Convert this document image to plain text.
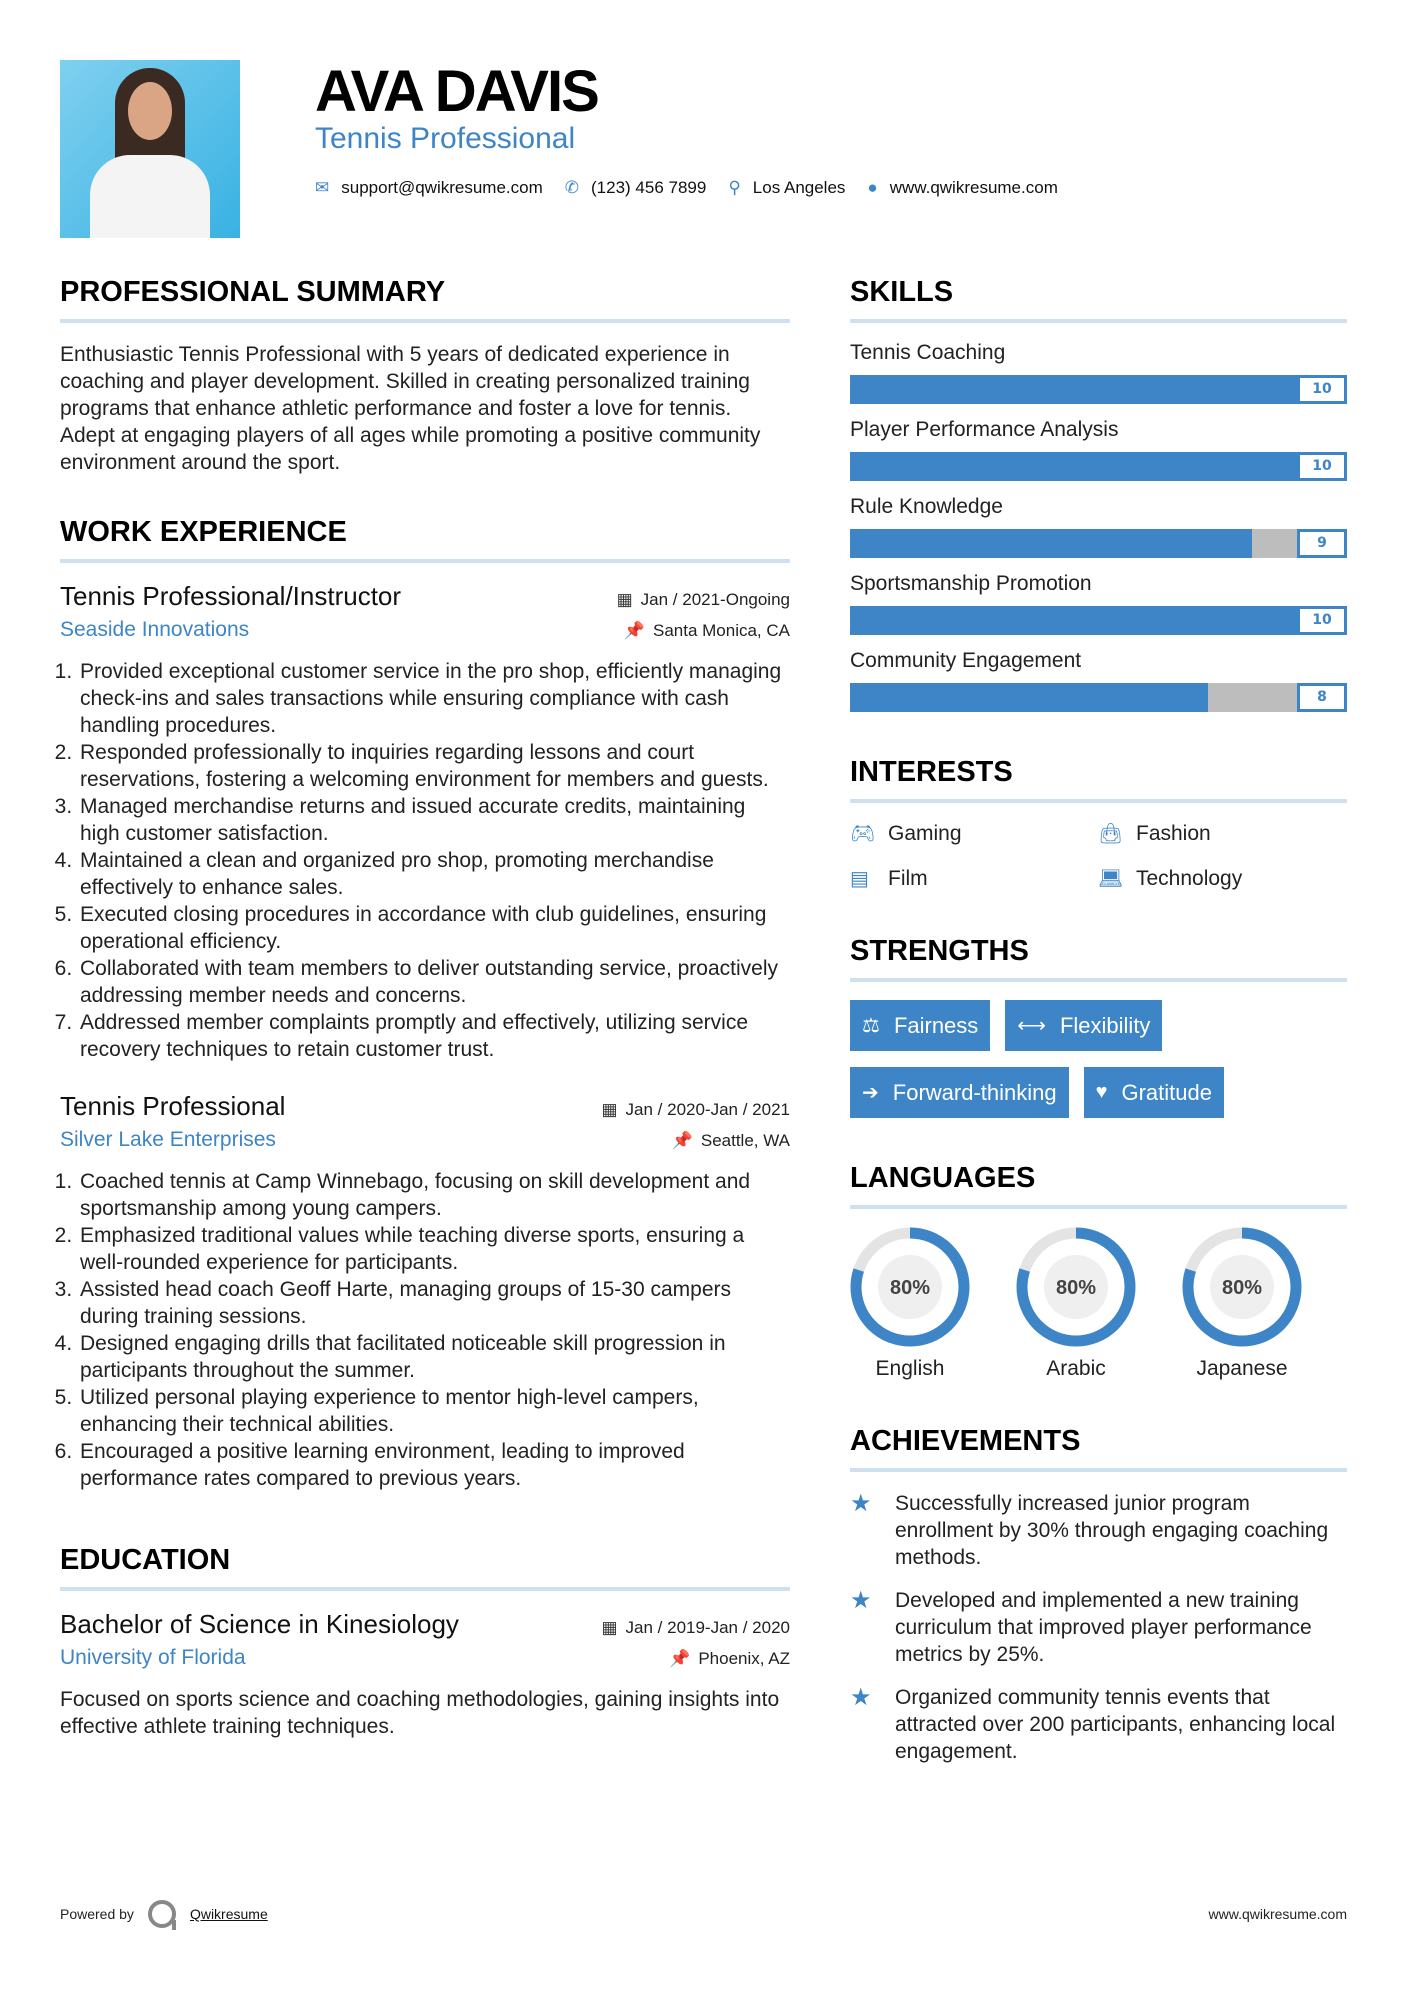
AVA DAVIS
Tennis Professional
✉ support@qwikresume.com ✆ (123) 456 7899 ⚲ Los Angeles ● www.qwikresume.com
PROFESSIONAL SUMMARY

Enthusiastic Tennis Professional with 5 years of dedicated experience in coaching and player development. Skilled in creating personalized training programs that enhance athletic performance and foster a love for tennis. Adept at engaging players of all ages while promoting a positive community environment around the sport.

WORK EXPERIENCE
Tennis Professional/Instructor	▦ Jan / 2021-Ongoing
Seaside Innovations	📌 Santa Monica, CA
1. Provided exceptional customer service in the pro shop, efficiently managing check-ins and sales transactions while ensuring compliance with cash handling procedures.
2. Responded professionally to inquiries regarding lessons and court reservations, fostering a welcoming environment for members and guests.
3. Managed merchandise returns and issued accurate credits, maintaining high customer satisfaction.
4. Maintained a clean and organized pro shop, promoting merchandise effectively to enhance sales.
5. Executed closing procedures in accordance with club guidelines, ensuring operational efficiency.
6. Collaborated with team members to deliver outstanding service, proactively addressing member needs and concerns.
7. Addressed member complaints promptly and effectively, utilizing service recovery techniques to retain customer trust.
Tennis Professional	▦ Jan / 2020-Jan / 2021
Silver Lake Enterprises	📌 Seattle, WA
1. Coached tennis at Camp Winnebago, focusing on skill development and sportsmanship among young campers.
2. Emphasized traditional values while teaching diverse sports, ensuring a well-rounded experience for participants.
3. Assisted head coach Geoff Harte, managing groups of 15-30 campers during training sessions.
4. Designed engaging drills that facilitated noticeable skill progression in participants throughout the summer.
5. Utilized personal playing experience to mentor high-level campers, enhancing their technical abilities.
6. Encouraged a positive learning environment, leading to improved performance rates compared to previous years.
EDUCATION
Bachelor of Science in Kinesiology	▦ Jan / 2019-Jan / 2020
University of Florida	📌 Phoenix, AZ

Focused on sports science and coaching methodologies, gaining insights into effective athlete training techniques.

SKILLS
Tennis Coaching
10
Player Performance Analysis
10
Rule Knowledge
9
Sportsmanship Promotion
10
Community Engagement
8
INTERESTS
🎮︎ Gaming	👜︎ Fashion
▤ Film	💻︎ Technology
STRENGTHS
⚖ Fairness ⟷ Flexibility
➔ Forward-thinking ♥ Gratitude
LANGUAGES
80%
English
80%
Arabic
80%
Japanese
ACHIEVEMENTS
★	Successfully increased junior program enrollment by 30% through engaging coaching methods.
★	Developed and implemented a new training curriculum that improved player performance metrics by 25%.
★	Organized community tennis events that attracted over 200 participants, enhancing local engagement.
Powered by	Qwikresume	www.qwikresume.com
